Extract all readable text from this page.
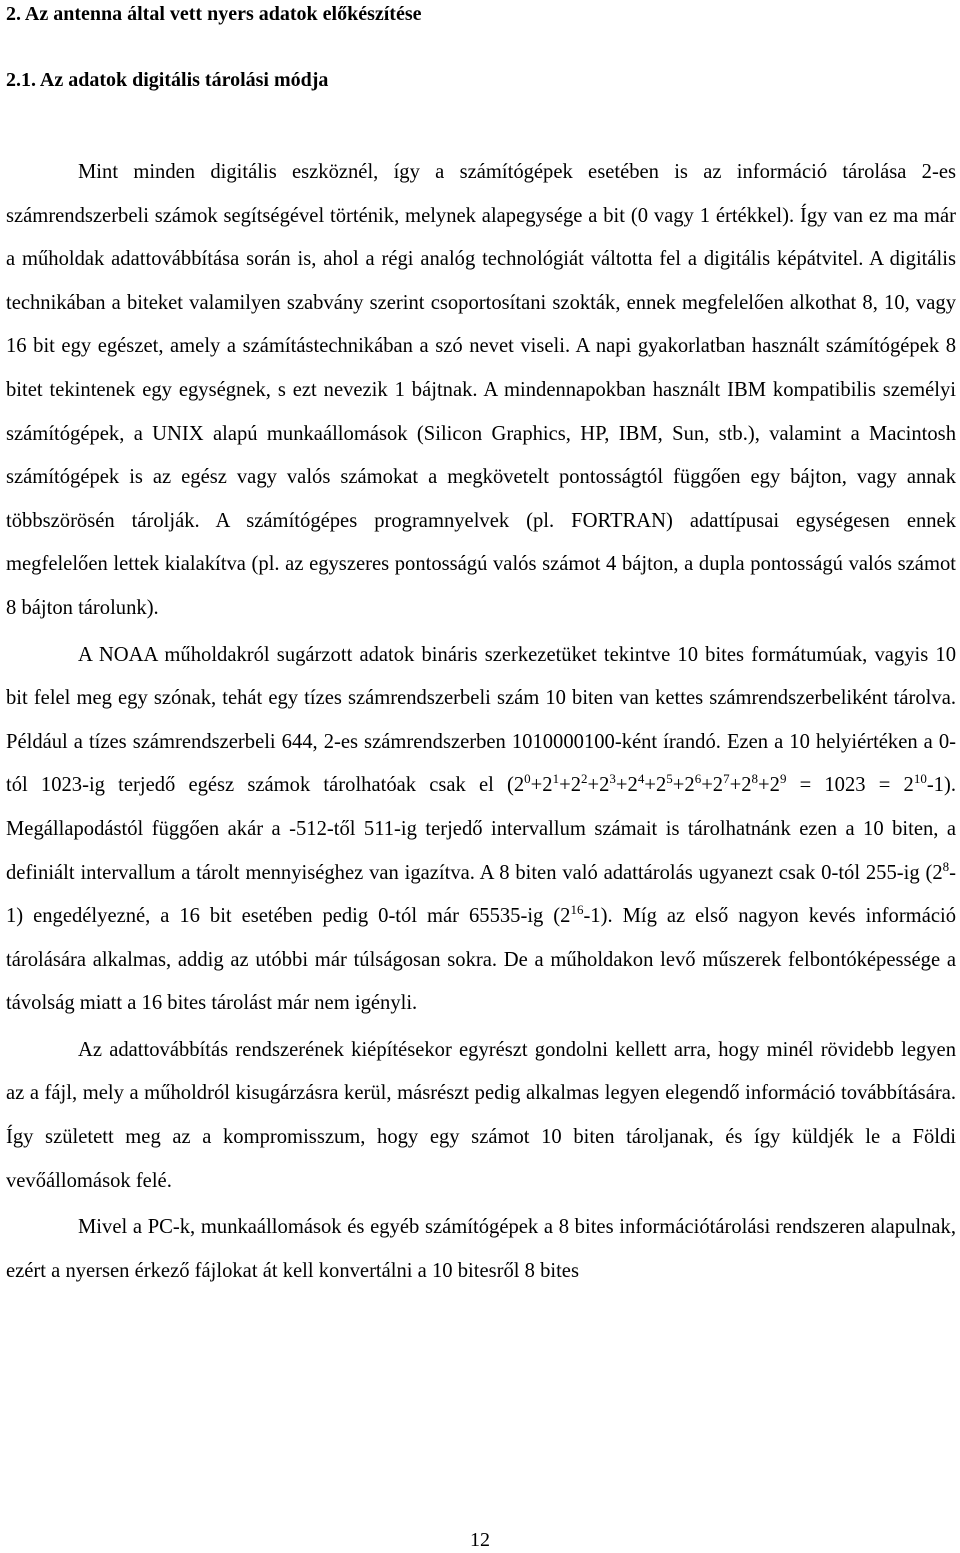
2. Az antenna által vett nyers adatok előkészítése
2.1. Az adatok digitális tárolási módja

Mint minden digitális eszköznél, így a számítógépek esetében is az információ tárolása 2-es számrendszerbeli számok segítségével történik, melynek alapegysége a bit (0 vagy 1 értékkel). Így van ez ma már a műholdak adattovábbítása során is, ahol a régi analóg technológiát váltotta fel a digitális képátvitel. A digitális technikában a biteket valamilyen szabvány szerint csoportosítani szokták, ennek megfelelően alkothat 8, 10, vagy 16 bit egy egészet, amely a számítástechnikában a szó nevet viseli. A napi gyakorlatban használt számítógépek 8 bitet tekintenek egy egységnek, s ezt nevezik 1 bájtnak. A mindennapokban használt IBM kompatibilis személyi számítógépek, a UNIX alapú munkaállomások (Silicon Graphics, HP, IBM, Sun, stb.), valamint a Macintosh számítógépek is az egész vagy valós számokat a megkövetelt pontosságtól függően egy bájton, vagy annak többszörösén tárolják. A számítógépes programnyelvek (pl. FORTRAN) adattípusai egységesen ennek megfelelően lettek kialakítva (pl. az egyszeres pontosságú valós számot 4 bájton, a dupla pontosságú valós számot 8 bájton tárolunk).

A NOAA műholdakról sugárzott adatok bináris szerkezetüket tekintve 10 bites formátumúak, vagyis 10 bit felel meg egy szónak, tehát egy tízes számrendszerbeli szám 10 biten van kettes számrendszerbeliként tárolva. Például a tízes számrendszerbeli 644, 2-es számrendszerben 1010000100-ként írandó. Ezen a 10 helyiértéken a 0-tól 1023-ig terjedő egész számok tárolhatóak csak el $(2^0+2^1+2^2+2^3+2^4+2^5+2^6+2^7+2^8+2^9 = 1023 = 2^{10}-1)$. Megállapodástól függően akár a -512-től 511-ig terjedő intervallum számait is tárolhatnánk ezen a 10 biten, a definiált intervallum a tárolt mennyiséghez van igazítva. A 8 biten való adattárolás ugyanezt csak 0-tól 255-ig $(2^8-1)$ engedélyezné, a 16 bit esetében pedig 0-tól már 65535-ig $(2^{16}-1)$. Míg az első nagyon kevés információ tárolására alkalmas, addig az utóbbi már túlságosan sokra. De a műholdakon levő műszerek felbontóképessége a távolság miatt a 16 bites tárolást már nem igényli.

Az adattovábbítás rendszerének kiépítésekor egyrészt gondolni kellett arra, hogy minél rövidebb legyen az a fájl, mely a műholdról kisugárzásra kerül, másrészt pedig alkalmas legyen elegendő információ továbbítására. Így született meg az a kompromisszum, hogy egy számot 10 biten tároljanak, és így küldjék le a Földi vevőállomások felé.

Mivel a PC-k, munkaállomások és egyéb számítógépek a 8 bites információtárolási rendszeren alapulnak, ezért a nyersen érkező fájlokat át kell konvertálni a 10 bitesről 8 bites

12
